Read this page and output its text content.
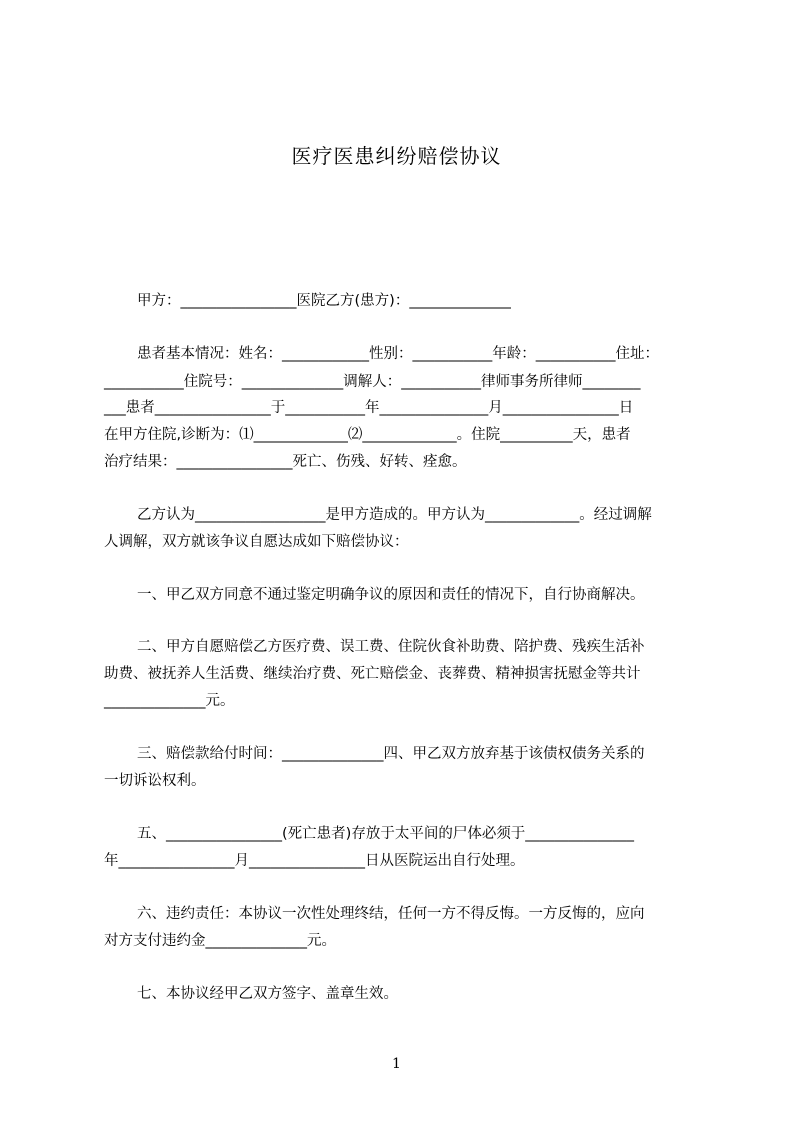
医疗医患纠纷赔偿协议
甲方：________________医院乙方(患方)：______________
患者基本情况：姓名：____________性别：___________年龄：___________住址：
___________住院号：______________调解人：___________律师事务所律师________
___患者________________于___________年_______________月________________日
在甲方住院,诊断为：⑴_____________⑵_____________。住院__________天，患者
治疗结果：________________死亡、伤残、好转、痊愈。
乙方认为__________________是甲方造成的。甲方认为_____________。经过调解
人调解，双方就该争议自愿达成如下赔偿协议：
一、甲乙双方同意不通过鉴定明确争议的原因和责任的情况下，自行协商解决。
二、甲方自愿赔偿乙方医疗费、误工费、住院伙食补助费、陪护费、残疾生活补
助费、被抚养人生活费、继续治疗费、死亡赔偿金、丧葬费、精神损害抚慰金等共计
______________元。
三、赔偿款给付时间：______________四、甲乙双方放弃基于该债权债务关系的
一切诉讼权利。
五、________________(死亡患者)存放于太平间的尸体必须于_______________
年________________月________________日从医院运出自行处理。
六、违约责任：本协议一次性处理终结，任何一方不得反悔。一方反悔的，应向
对方支付违约金______________元。
七、本协议经甲乙双方签字、盖章生效。
1
